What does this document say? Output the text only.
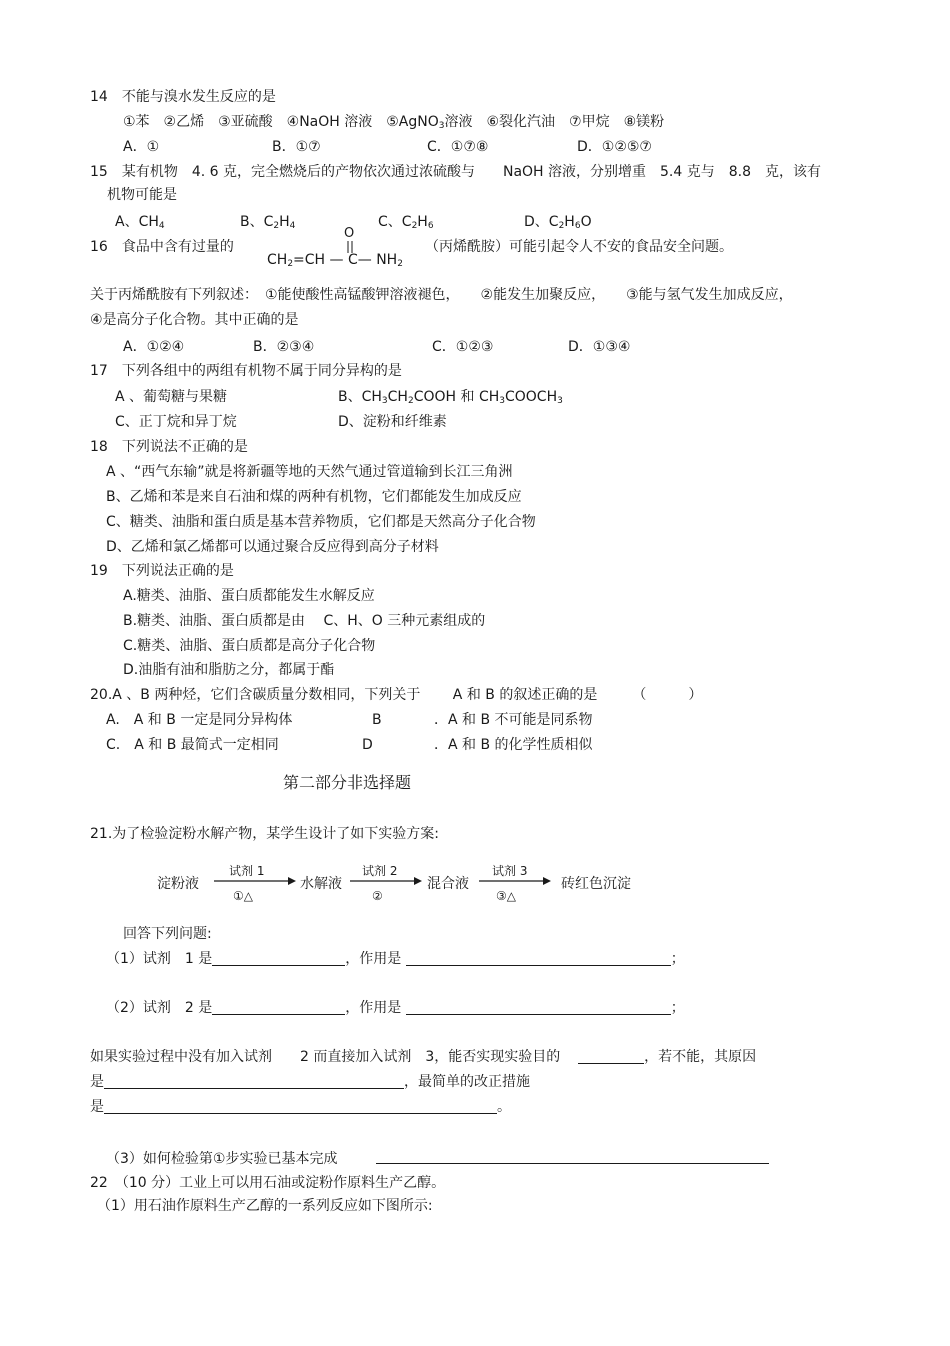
14　不能与溴水发生反应的是
①苯　②乙烯　③亚硫酸　④NaOH 溶液　⑤AgNO$_3$溶液　⑥裂化汽油　⑦甲烷　⑧镁粉
A．①	B．①⑦	C．①⑦⑧	D．①②⑤⑦
15　某有机物　4. 6 克，完全燃烧后的产物依次通过浓硫酸与　　NaOH 溶液，分别增重　5.4 克与　8.8　克，该有
机物可能是
A、$CH_4$	B、$C_2H_4$	C、$C_2H_6$	D、$C_2H_6O$
16　食品中含有过量的
O
$CH_2=CH$ — C— $NH_2$
（丙烯酰胺）可能引起令人不安的食品安全问题。
关于丙烯酰胺有下列叙述：　①能使酸性高锰酸钾溶液褪色，　　②能发生加聚反应，　　③能与氢气发生加成反应，
④是高分子化合物。其中正确的是
A．①②④	B．②③④	C．①②③	D．①③④
17　下列各组中的两组有机物不属于同分异构的是
A 、葡萄糖与果糖	B、$CH_3CH_2COOH$ 和 $CH_3COOCH_3$
C、正丁烷和异丁烷	D、淀粉和纤维素
18　下列说法不正确的是
A 、“西气东输”就是将新疆等地的天然气通过管道输到长江三角洲
B、乙烯和苯是来自石油和煤的两种有机物，它们都能发生加成反应
C、糖类、油脂和蛋白质是基本营养物质，它们都是天然高分子化合物
D、乙烯和氯乙烯都可以通过聚合反应得到高分子材料
19　下列说法正确的是
A.糖类、油脂、蛋白质都能发生水解反应
B.糖类、油脂、蛋白质都是由　 C、H、O 三种元素组成的
C.糖类、油脂、蛋白质都是高分子化合物
D.油脂有油和脂肪之分，都属于酯
20.A 、B 两种烃，它们含碳质量分数相同，下列关于　　 A 和 B 的叙述正确的是　　　（　　　）
A.　A 和 B 一定是同分异构体	B	．A 和 B 不可能是同系物
C.　A 和 B 最简式一定相同	D	．A 和 B 的化学性质相似
第二部分非选择题
21.为了检验淀粉水解产物，某学生设计了如下实验方案:
淀粉液
试剂 1
①△
水解液
试剂 2
②
混合液
试剂 3
③△
砖红色沉淀
回答下列问题:
（1）试剂　1 是	，作用是	；
（2）试剂　2 是	，作用是	；
如果实验过程中没有加入试剂　　2 而直接加入试剂　3，能否实现实验目的	，若不能，其原因
是	，最简单的改正措施
是	。
（3）如何检验第①步实验已基本完成
22　（10 分）工业上可以用石油或淀粉作原料生产乙醇。
（1）用石油作原料生产乙醇的一系列反应如下图所示:
